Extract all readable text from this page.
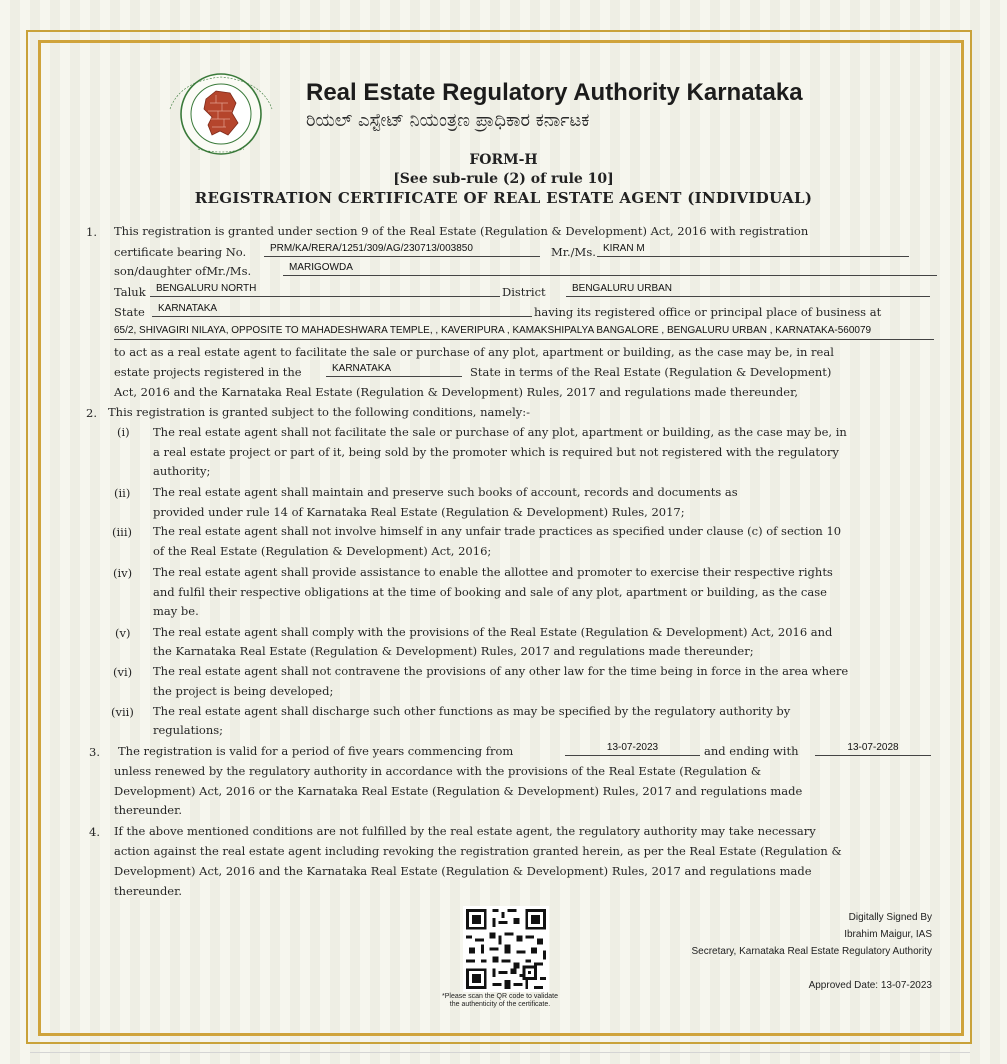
Real Estate Regulatory Authority Karnataka
ರಿಯಲ್ ಎಸ್ಟೇಟ್ ನಿಯಂತ್ರಣ ಪ್ರಾಧಿಕಾರ ಕರ್ನಾಟಕ
FORM-H
[See sub-rule (2) of rule 10]
REGISTRATION CERTIFICATE OF REAL ESTATE AGENT (INDIVIDUAL)
1. This registration is granted under section 9 of the Real Estate (Regulation & Development) Act, 2016 with registration
certificate bearing No.	PRM/KA/RERA/1251/309/AG/230713/003850	Mr./Ms. KIRAN M
son/daughter ofMr./Ms.	MARIGOWDA
Taluk	BENGALURU NORTH	District	BENGALURU URBAN
State	KARNATAKA	having its registered office or principal place of business at
65/2, SHIVAGIRI NILAYA, OPPOSITE TO MAHADESHWARA TEMPLE, , KAVERIPURA , KAMAKSHIPALYA BANGALORE , BENGALURU URBAN , KARNATAKA-560079
to act as a real estate agent to facilitate the sale or purchase of any plot, apartment or building, as the case may be, in real
estate projects registered in the	KARNATAKA	State in terms of the Real Estate (Regulation & Development)
Act, 2016 and the Karnataka Real Estate (Regulation & Development) Rules, 2017 and regulations made thereunder,
2. This registration is granted subject to the following conditions, namely:-
(i) The real estate agent shall not facilitate the sale or purchase of any plot, apartment or building, as the case may be, in
a real estate project or part of it, being sold by the promoter which is required but not registered with the regulatory
authority;
(ii) The real estate agent shall maintain and preserve such books of account, records and documents as
provided under rule 14 of Karnataka Real Estate (Regulation & Development) Rules, 2017;
(iii) The real estate agent shall not involve himself in any unfair trade practices as specified under clause (c) of section 10
of the Real Estate (Regulation & Development) Act, 2016;
(iv) The real estate agent shall provide assistance to enable the allottee and promoter to exercise their respective rights
and fulfil their respective obligations at the time of booking and sale of any plot, apartment or building, as the case
may be.
(v) The real estate agent shall comply with the provisions of the Real Estate (Regulation & Development) Act, 2016 and
the Karnataka Real Estate (Regulation & Development) Rules, 2017 and regulations made thereunder;
(vi) The real estate agent shall not contravene the provisions of any other law for the time being in force in the area where
the project is being developed;
(vii) The real estate agent shall discharge such other functions as may be specified by the regulatory authority by
regulations;
3. The registration is valid for a period of five years commencing from	13-07-2023	and ending with	13-07-2028
unless renewed by the regulatory authority in accordance with the provisions of the Real Estate (Regulation &
Development) Act, 2016 or the Karnataka Real Estate (Regulation & Development) Rules, 2017 and regulations made
thereunder.
4. If the above mentioned conditions are not fulfilled by the real estate agent, the regulatory authority may take necessary
action against the real estate agent including revoking the registration granted herein, as per the Real Estate (Regulation &
Development) Act, 2016 and the Karnataka Real Estate (Regulation & Development) Rules, 2017 and regulations made
thereunder.
*Please scan the QR code to validate
the authenticity of the certificate.
Digitally Signed By
Ibrahim Maigur, IAS
Secretary, Karnataka Real Estate Regulatory Authority
Approved Date: 13-07-2023
